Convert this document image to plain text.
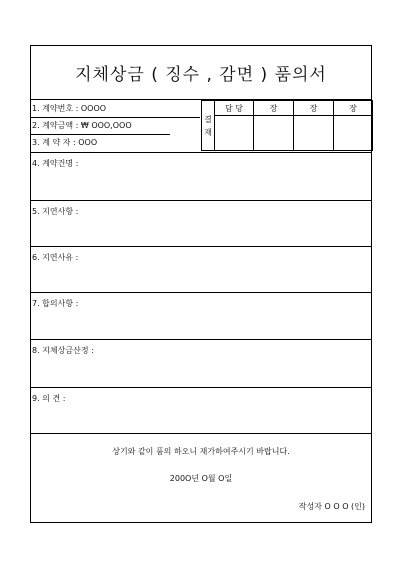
지체상금 ( 징수 , 감면 ) 품의서
1. 계약번호 : OOOO
2. 계약금액 : ₩ OOO,OOO
3. 계 약 자 : OOO
결
재	담 당	장	장	장

4. 계약건명 :
5. 지연사항 :
6. 지연사유 :
7. 합의사항 :
8. 지체상금산정 :
9. 의 견 :
상기와 같이 품의 하오니 재가하여주시기 바랍니다.
200O년 O월 O일
작성자 O O O (인)
